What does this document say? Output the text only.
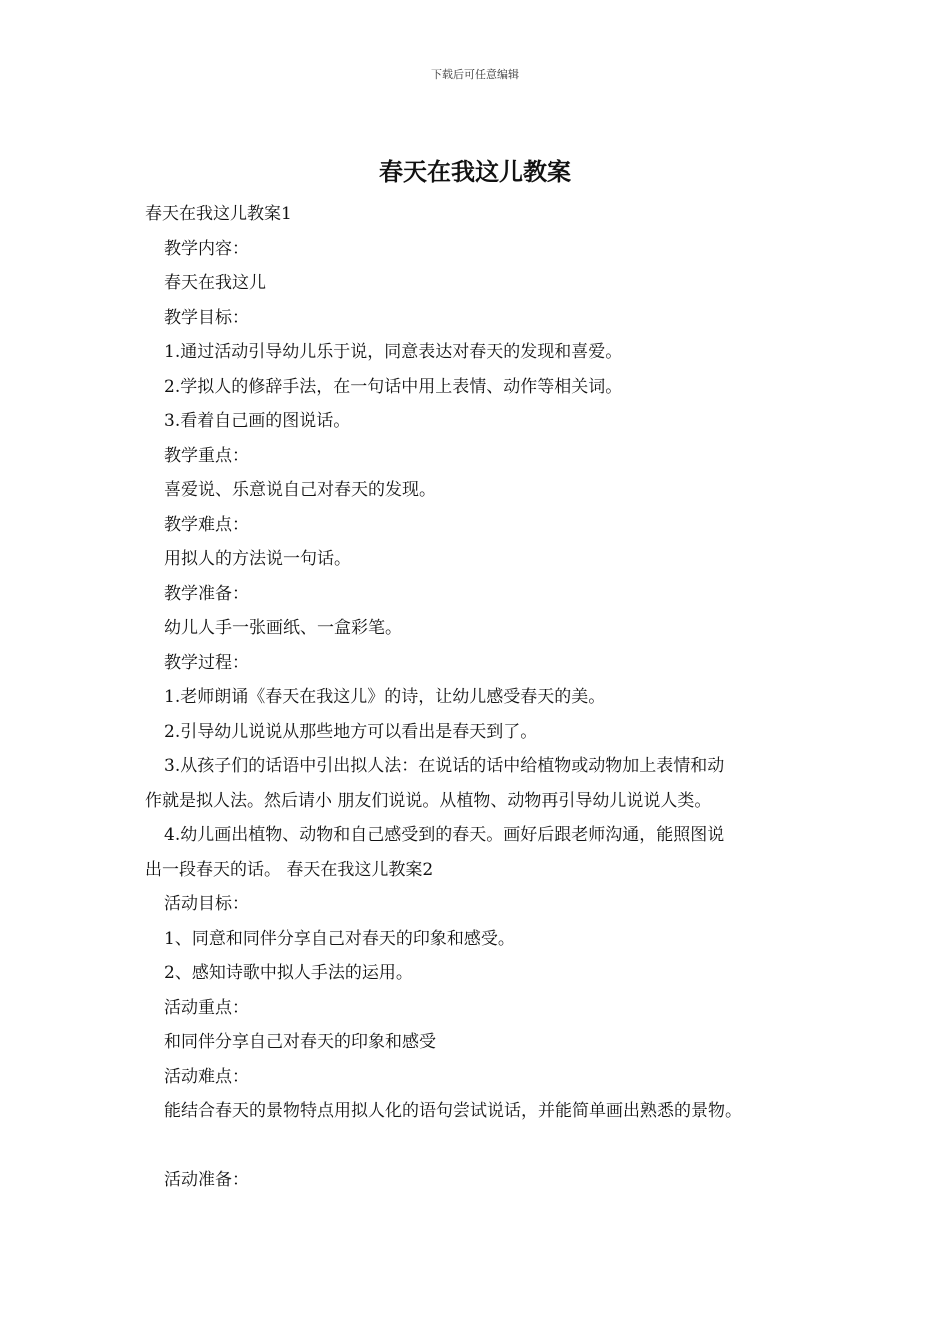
下载后可任意编辑
春天在我这儿教案
春天在我这儿教案1
教学内容：
春天在我这儿
教学目标：
1.通过活动引导幼儿乐于说，同意表达对春天的发现和喜爱。
2.学拟人的修辞手法，在一句话中用上表情、动作等相关词。
3.看着自己画的图说话。
教学重点：
喜爱说、乐意说自己对春天的发现。
教学难点：
用拟人的方法说一句话。
教学准备：
幼儿人手一张画纸、一盒彩笔。
教学过程：
1.老师朗诵《春天在我这儿》的诗，让幼儿感受春天的美。
2.引导幼儿说说从那些地方可以看出是春天到了。
3.从孩子们的话语中引出拟人法：在说话的话中给植物或动物加上表情和动
作就是拟人法。然后请小 朋友们说说。从植物、动物再引导幼儿说说人类。
4.幼儿画出植物、动物和自己感受到的春天。画好后跟老师沟通，能照图说
出一段春天的话。 春天在我这儿教案2
活动目标：
1、同意和同伴分享自己对春天的印象和感受。
2、感知诗歌中拟人手法的运用。
活动重点：
和同伴分享自己对春天的印象和感受
活动难点：
能结合春天的景物特点用拟人化的语句尝试说话，并能简单画出熟悉的景物。
活动准备：
